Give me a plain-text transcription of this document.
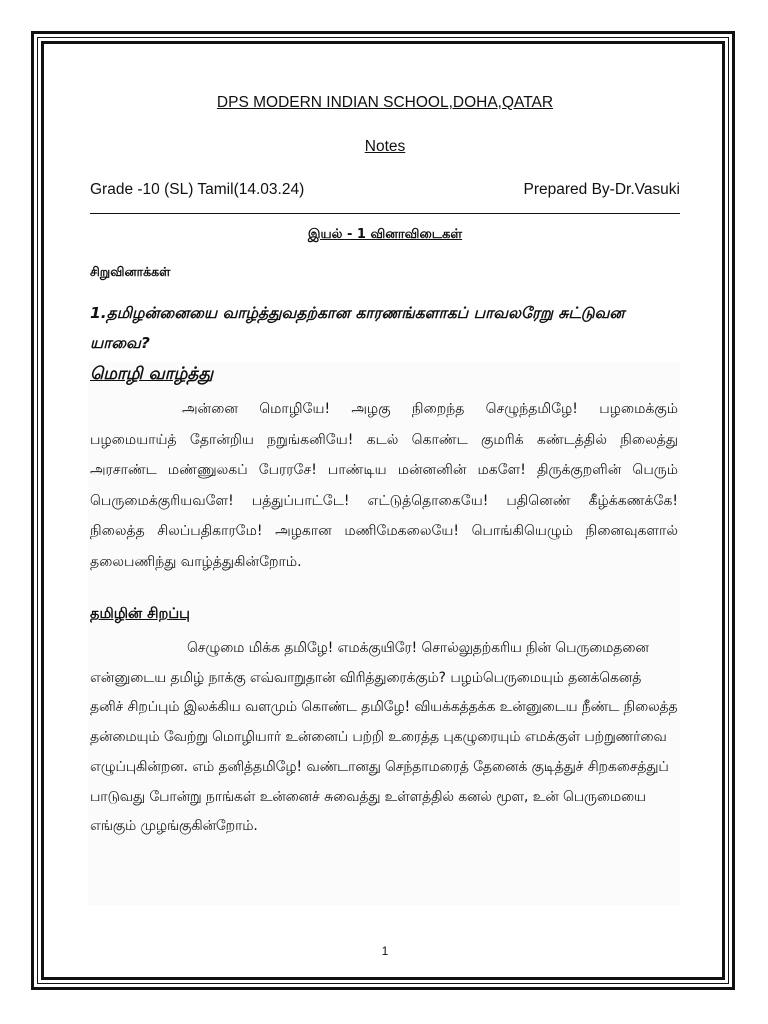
DPS MODERN INDIAN SCHOOL,DOHA,QATAR
Notes
Grade -10 (SL) Tamil(14.03.24)	Prepared By-Dr.Vasuki
இயல் - 1 வினாவிடைகள்
சிறுவினாக்கள்
1.தமிழன்னையை வாழ்த்துவதற்கான காரணங்களாகப் பாவலரேறு சுட்டுவன யாவை?
மொழி வாழ்த்து
அன்னை மொழியே! அழகு நிறைந்த செழுந்தமிழே! பழமைக்கும் பழமையாய்த் தோன்றிய நறுங்கனியே! கடல் கொண்ட குமரிக் கண்டத்தில் நிலைத்து அரசாண்ட மண்ணுலகப் பேரரசே! பாண்டிய மன்னனின் மகளே! திருக்குறளின் பெரும் பெருமைக்குரியவளே! பத்துப்பாட்டே! எட்டுத்தொகையே! பதினெண் கீழ்க்கணக்கே! நிலைத்த சிலப்பதிகாரமே! அழகான மணிமேகலையே! பொங்கியெழும் நினைவுகளால் தலைபணிந்து வாழ்த்துகின்றோம்.
தமிழின் சிறப்பு
செழுமை மிக்க தமிழே! எமக்குயிரே! சொல்லுதற்கரிய நின் பெருமைதனை என்னுடைய தமிழ் நாக்கு எவ்வாறுதான் விரித்துரைக்கும்? பழம்பெருமையும் தனக்கெனத் தனிச் சிறப்பும் இலக்கிய வளமும் கொண்ட தமிழே! வியக்கத்தக்க உன்னுடைய நீண்ட நிலைத்த தன்மையும் வேற்று மொழியார் உன்னைப் பற்றி உரைத்த புகழுரையும் எமக்குள் பற்றுணர்வை எழுப்புகின்றன. எம் தனித்தமிழே! வண்டானது செந்தாமரைத் தேனைக் குடித்துச் சிறகசைத்துப் பாடுவது போன்று நாங்கள் உன்னைச் சுவைத்து உள்ளத்தில் கனல் மூள, உன் பெருமையை எங்கும் முழங்குகின்றோம்.
1
